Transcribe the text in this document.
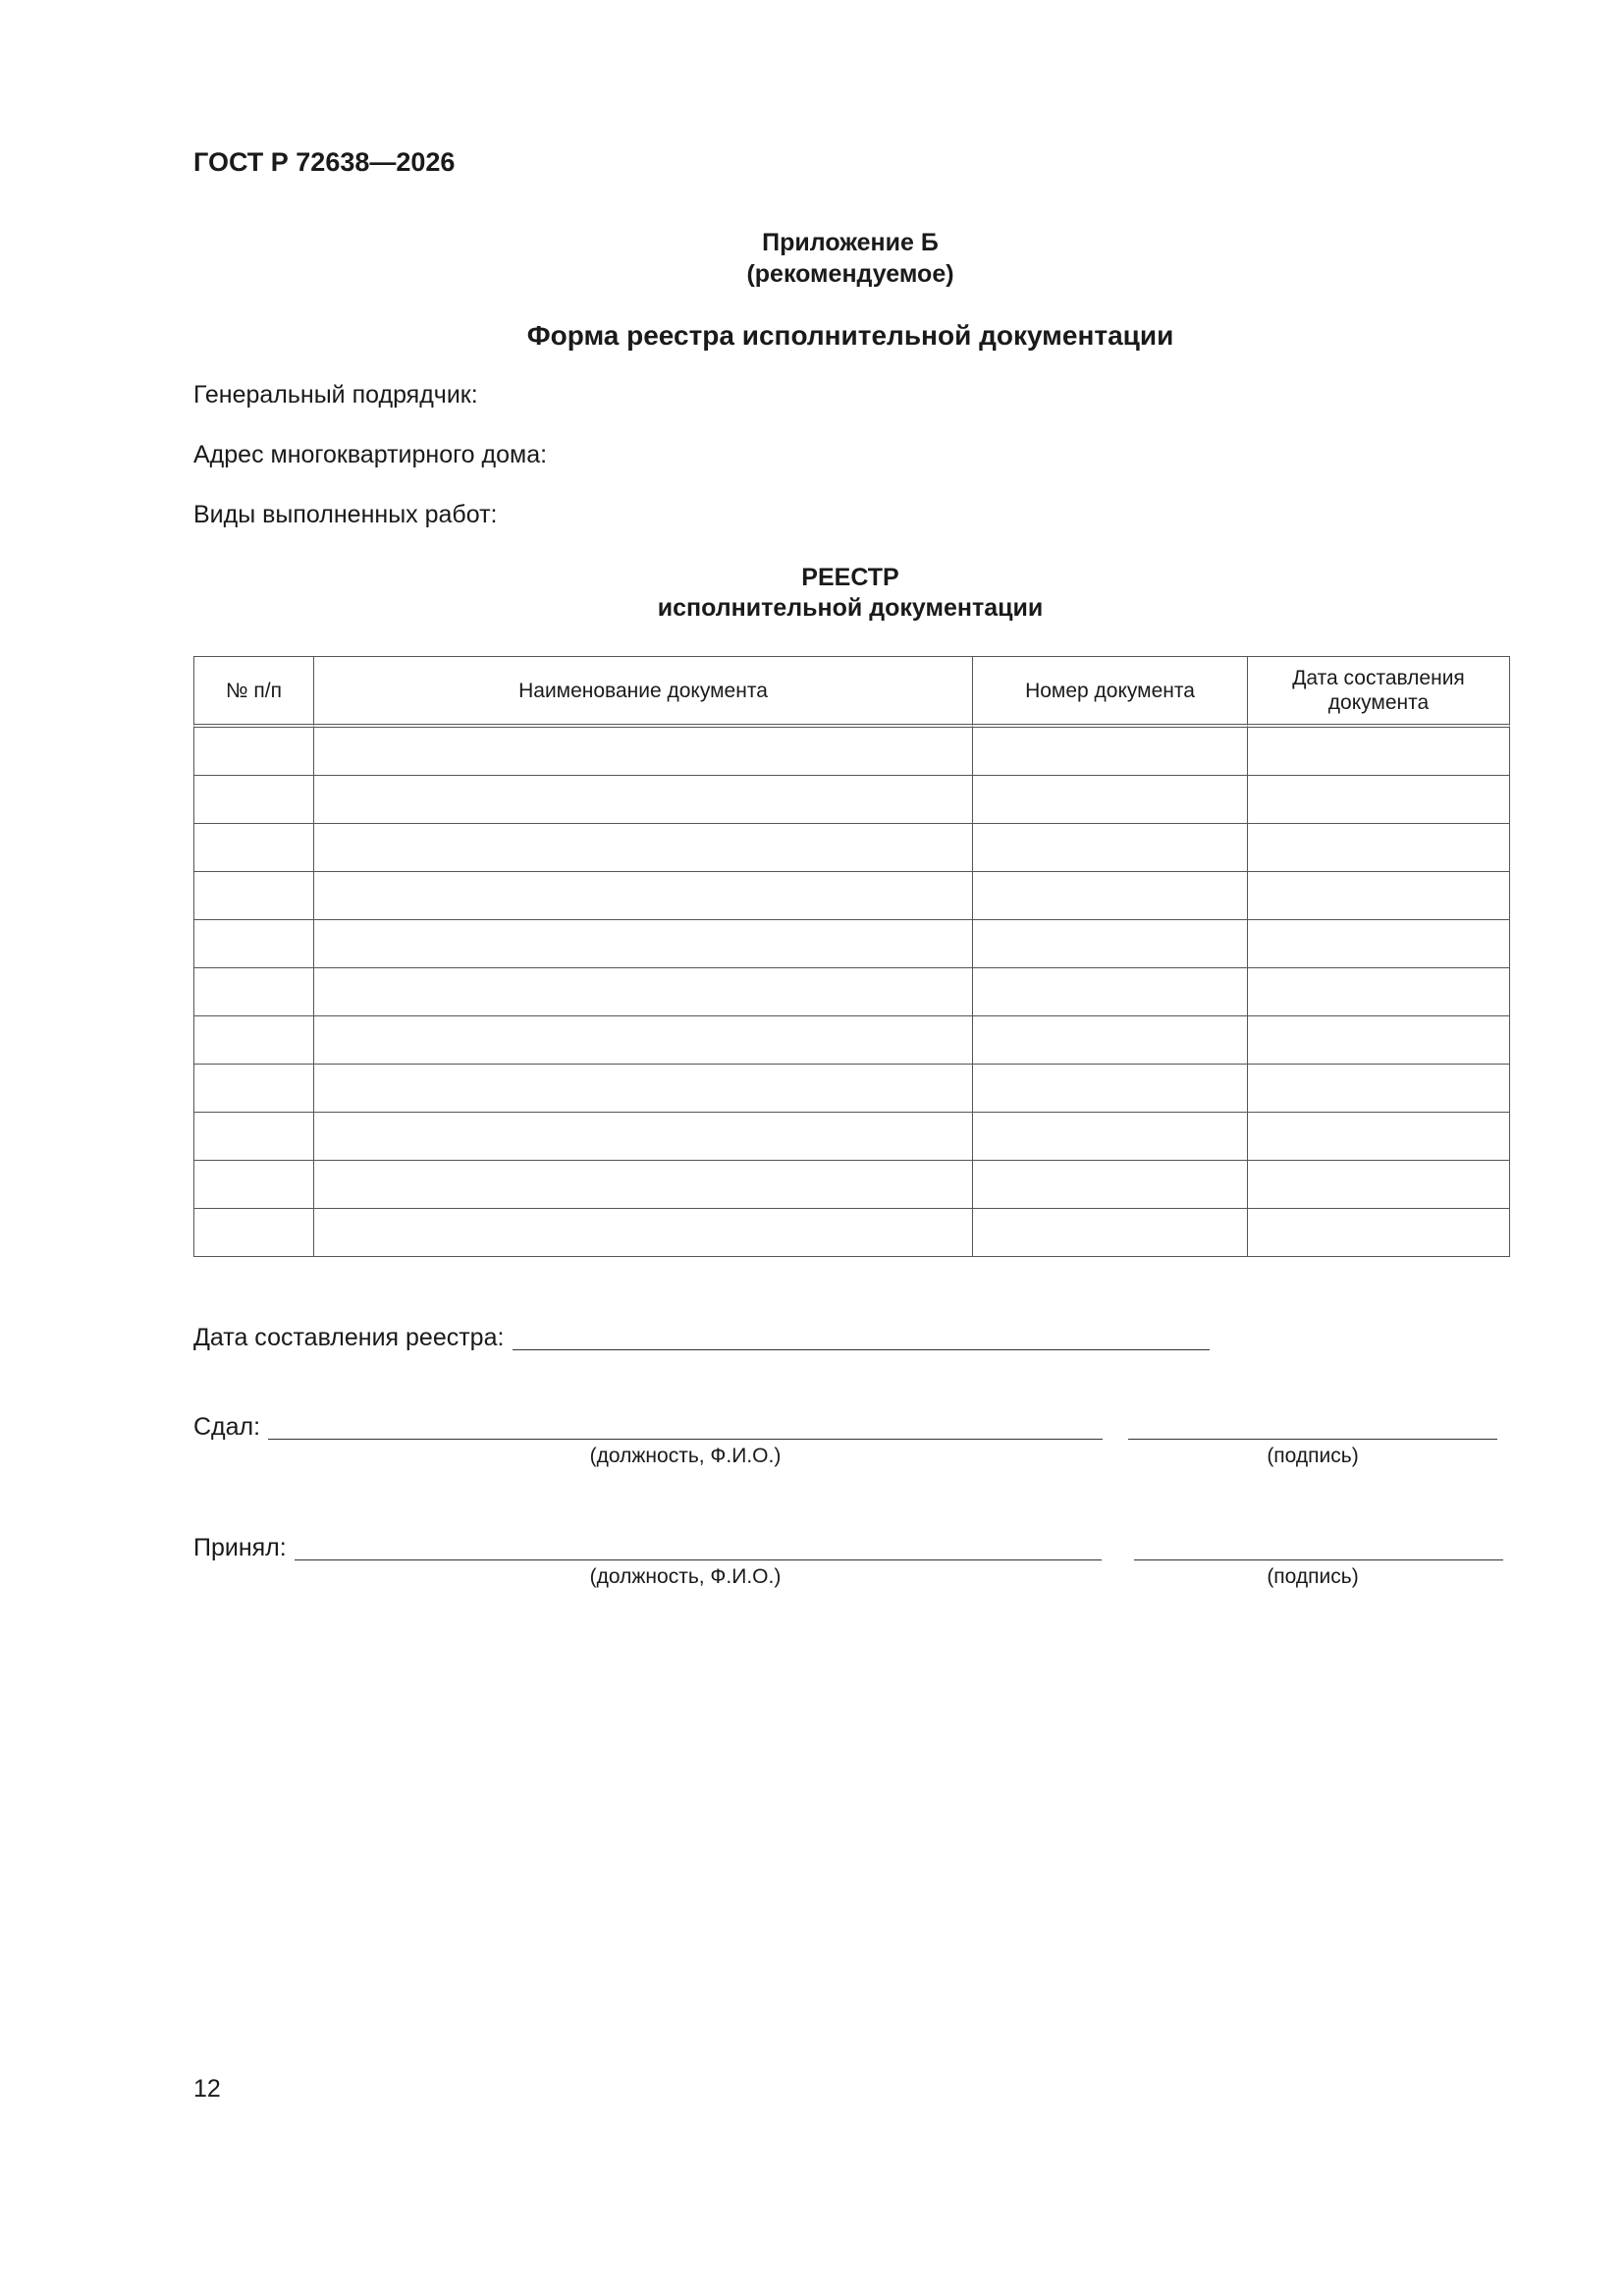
ГОСТ Р 72638—2026
Приложение Б
(рекомендуемое)
Форма реестра исполнительной документации
Генеральный подрядчик:
Адрес многоквартирного дома:
Виды выполненных работ:
РЕЕСТР
исполнительной документации
№ п/п	Наименование документа	Номер документа	Дата составления документа

Дата составления реестра:
Сдал:
(должность, Ф.И.О.)	(подпись)
Принял:
(должность, Ф.И.О.)	(подпись)
12
